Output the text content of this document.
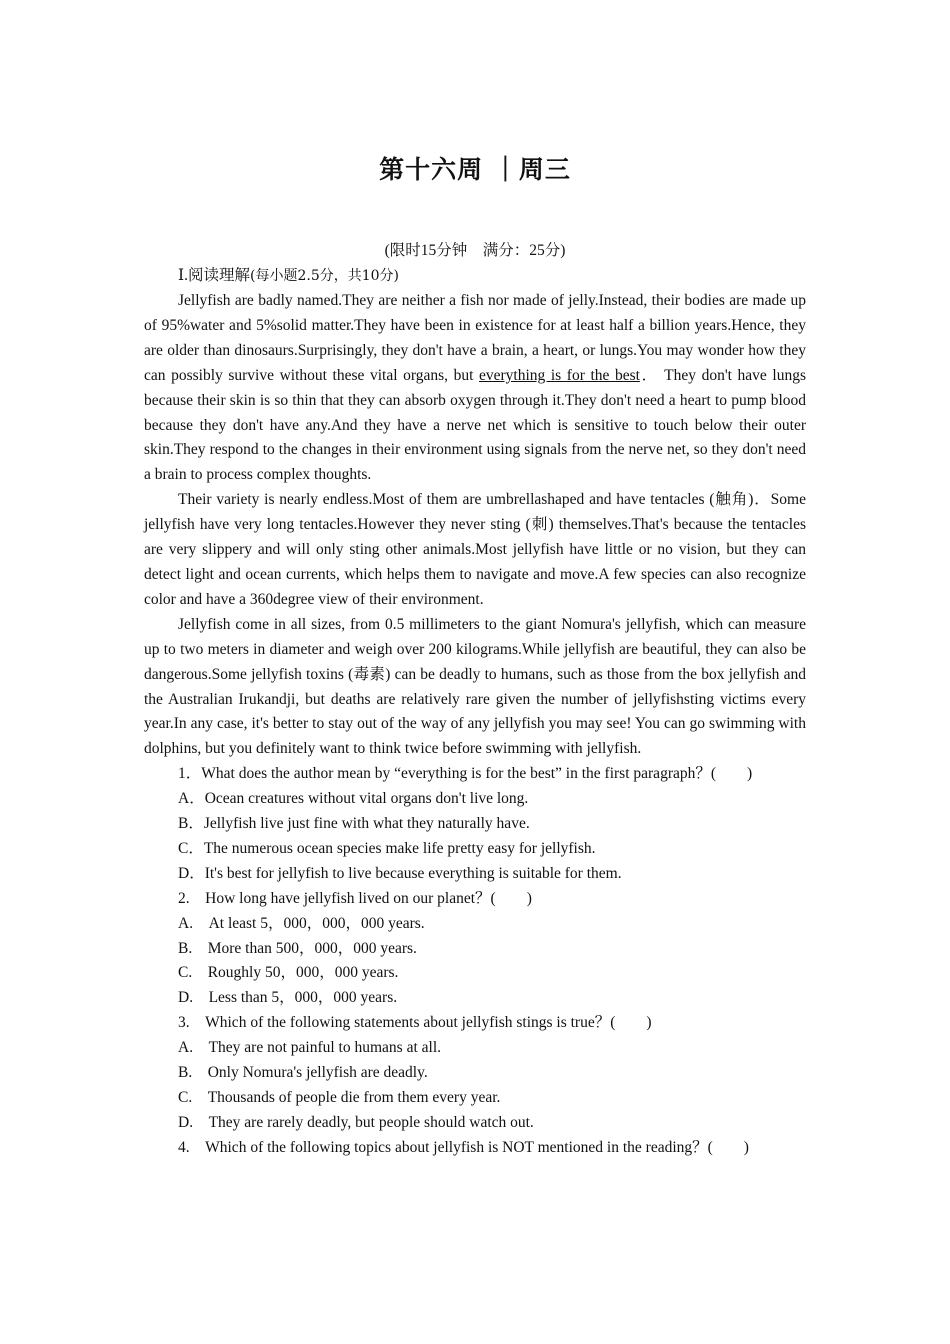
第十六周 ｜周三

(限时15分钟　满分：25分)

Ⅰ.阅读理解(每小题2.5分，共10分)

Jellyfish are badly named.They are neither a fish nor made of jelly.Instead, their bodies are made up of 95%water and 5%solid matter.They have been in existence for at least half a billion years.Hence, they are older than dinosaurs.Surprisingly, they don't have a brain, a heart, or lungs.You may wonder how they can possibly survive without these vital organs, but everything is for the best． They don't have lungs because their skin is so thin that they can absorb oxygen through it.They don't need a heart to pump blood because they don't have any.And they have a nerve net which is sensitive to touch below their outer skin.They respond to the changes in their environment using signals from the nerve net, so they don't need a brain to process complex thoughts.

Their variety is nearly endless.Most of them are umbrellashaped and have tentacles (触角)．Some jellyfish have very long tentacles.However they never sting (刺) themselves.That's because the tentacles are very slippery and will only sting other animals.Most jellyfish have little or no vision, but they can detect light and ocean currents, which helps them to navigate and move.A few species can also recognize color and have a 360degree view of their environment.

Jellyfish come in all sizes, from 0.5 millimeters to the giant Nomura's jellyfish, which can measure up to two meters in diameter and weigh over 200 kilograms.While jellyfish are beautiful, they can also be dangerous.Some jellyfish toxins (毒素) can be deadly to humans, such as those from the box jellyfish and the Australian Irukandji, but deaths are relatively rare given the number of jellyfishsting victims every year.In any case, it's better to stay out of the way of any jellyfish you may see! You can go swimming with dolphins, but you definitely want to think twice before swimming with jellyfish.

1．What does the author mean by “everything is for the best” in the first paragraph？(　　)

A．Ocean creatures without vital organs don't live long.

B．Jellyfish live just fine with what they naturally have.

C．The numerous ocean species make life pretty easy for jellyfish.

D．It's best for jellyfish to live because everything is suitable for them.

2.　How long have jellyfish lived on our planet？(　　)

A.　At least 5，000，000，000 years.

B.　More than 500，000，000 years.

C.　Roughly 50，000，000 years.

D.　Less than 5，000，000 years.

3.　Which of the following statements about jellyfish stings is true？(　　)

A.　They are not painful to humans at all.

B.　Only Nomura's jellyfish are deadly.

C.　Thousands of people die from them every year.

D.　They are rarely deadly, but people should watch out.

4.　Which of the following topics about jellyfish is NOT mentioned in the reading？(　　)
